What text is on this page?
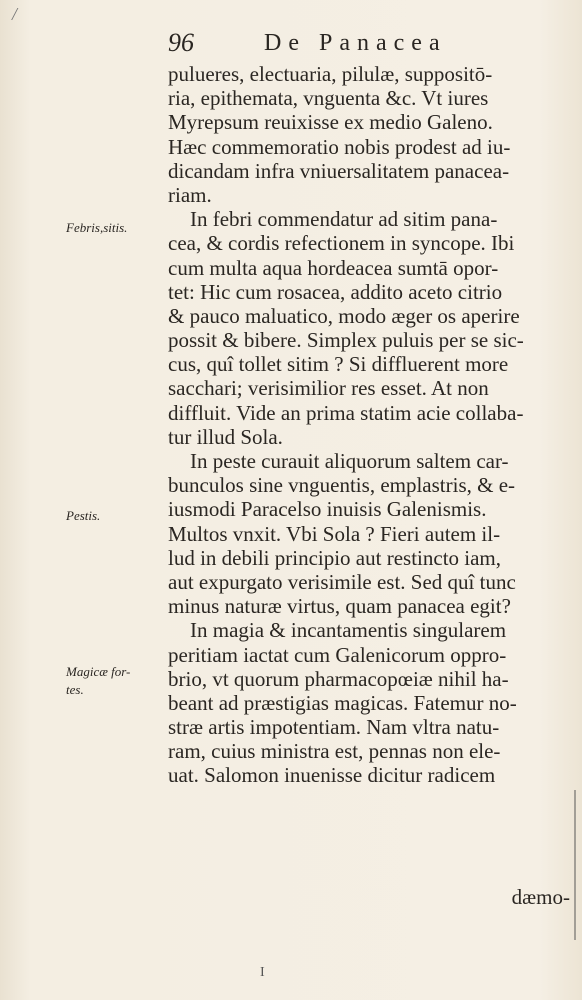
/
96	De Panacea
Febris,sitis.
Pestis.
Magicæ for-
tes.
pulueres, electuaria, pilulæ, suppositō-
ria, epithemata, vnguenta &c. Vt iures
Myrepsum reuixisse ex medio Galeno.
Hæc commemoratio nobis prodest ad iu-
dicandam infra vniuersalitatem panacea-
riam.
In febri commendatur ad sitim pana-
cea, & cordis refectionem in syncope. Ibi
cum multa aqua hordeacea sumtā opor-
tet: Hic cum rosacea, addito aceto citrio
& pauco maluatico, modo æger os aperire
possit & bibere. Simplex puluis per se sic-
cus, quî tollet sitim ? Si diffluerent more
sacchari; verisimilior res esset. At non
diffluit. Vide an prima statim acie collaba-
tur illud Sola.
In peste curauit aliquorum saltem car-
bunculos sine vnguentis, emplastris, & e-
iusmodi Paracelso inuisis Galenismis.
Multos vnxit. Vbi Sola ? Fieri autem il-
lud in debili principio aut restincto iam,
aut expurgato verisimile est. Sed quî tunc
minus naturæ virtus, quam panacea egit?
In magia & incantamentis singularem
peritiam iactat cum Galenicorum oppro-
brio, vt quorum pharmacopœiæ nihil ha-
beant ad præstigias magicas. Fatemur no-
stræ artis impotentiam. Nam vltra natu-
ram, cuius ministra est, pennas non ele-
uat. Salomon inuenisse dicitur radicem
dæmo-
I
